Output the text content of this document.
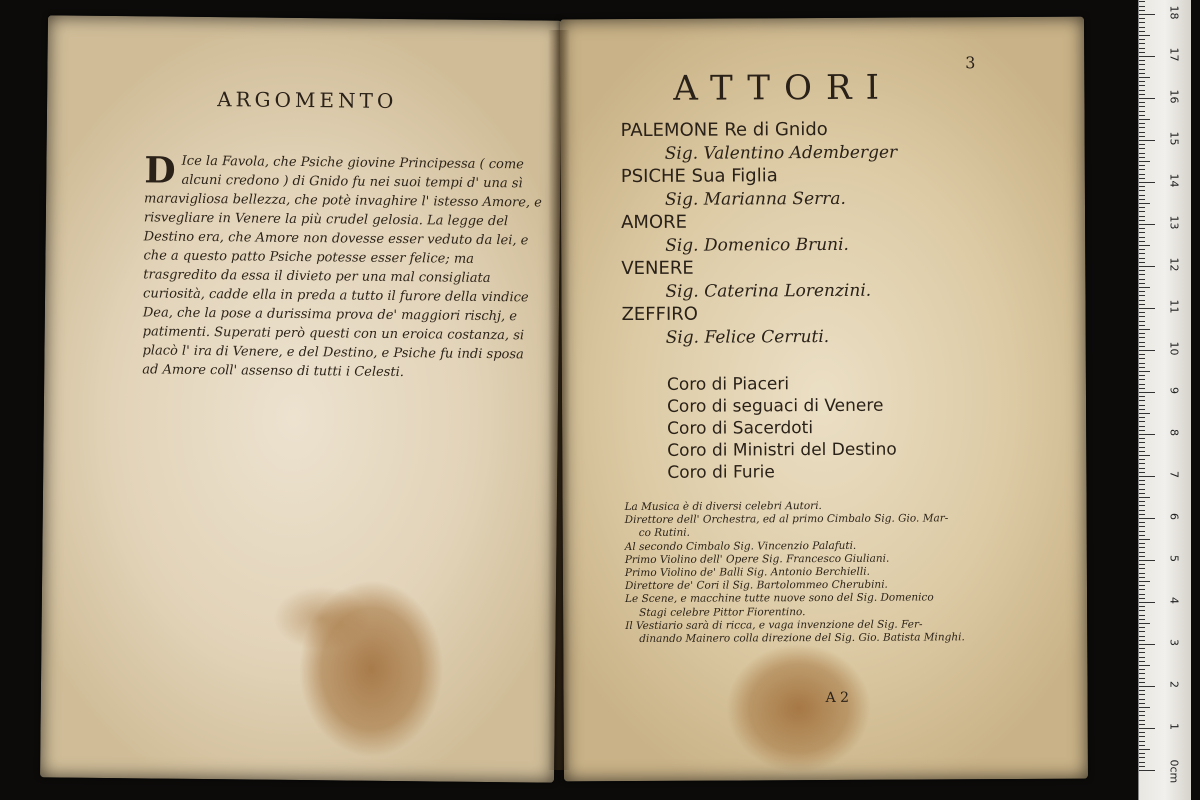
ARGOMENTO
D Ice la Favola, che Psiche giovine Principessa ( come alcuni credono ) di Gnido fu nei suoi tempi d' una sì maravigliosa bellezza, che potè invaghire l' istesso Amore, e risvegliare in Venere la più crudel gelosia. La legge del Destino era, che Amore non dovesse esser veduto da lei, e che a questo patto Psiche potesse esser felice; ma trasgredito da essa il divieto per una mal consigliata curiosità, cadde ella in preda a tutto il furore della vindice Dea, che la pose a durissima prova de' maggiori rischj, e patimenti. Superati però questi con un eroica costanza, si placò l' ira di Venere, e del Destino, e Psiche fu indi sposa ad Amore coll' assenso di tutti i Celesti.
ATTORI
3
PALEMONE Re di Gnido
Sig. Valentino Ademberger
PSICHE Sua Figlia
Sig. Marianna Serra.
AMORE
Sig. Domenico Bruni.
VENERE
Sig. Caterina Lorenzini.
ZEFFIRO
Sig. Felice Cerruti.
Coro di Piaceri
Coro di seguaci di Venere
Coro di Sacerdoti
Coro di Ministri del Destino
Coro di Furie
La Musica è di diversi celebri Autori.
Direttore dell' Orchestra, ed al primo Cimbalo Sig. Gio. Mar-
co Rutini.
Al secondo Cimbalo Sig. Vincenzio Palafuti.
Primo Violino dell' Opere Sig. Francesco Giuliani.
Primo Violino de' Balli Sig. Antonio Berchielli.
Direttore de' Cori il Sig. Bartolommeo Cherubini.
Le Scene, e macchine tutte nuove sono del Sig. Domenico
Stagi celebre Pittor Fiorentino.
Il Vestiario sarà di ricca, e vaga invenzione del Sig. Fer-
dinando Mainero colla direzione del Sig. Gio. Batista Minghi.
A 2
0cm
1
2
3
4
5
6
7
8
9
10
11
12
13
14
15
16
17
18
